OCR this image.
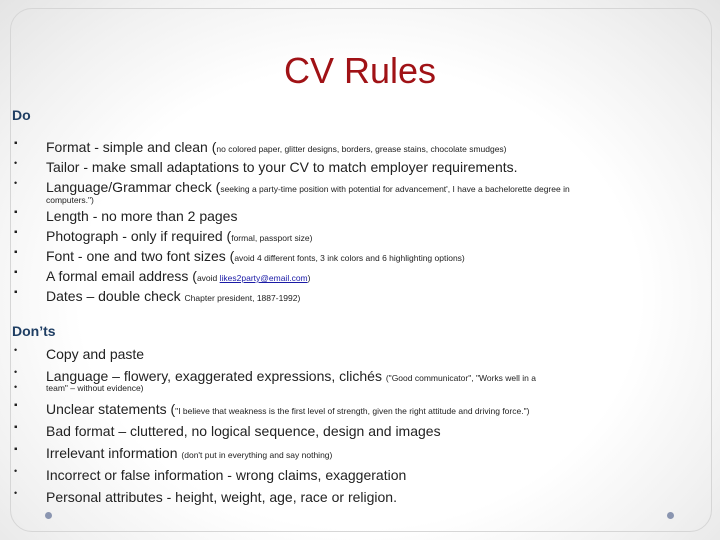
CV Rules
Do
▪ Format - simple and clean (no colored paper, glitter designs, borders, grease stains, chocolate smudges)
• Tailor - make small adaptations to your CV to match employer requirements.
• Language/Grammar check (seeking a party-time position with potential for advancement', I have a bachelorette degree in
computers.")
▪ Length - no more than 2 pages
▪ Photograph - only if required (formal, passport size)
▪ Font - one and two font sizes (avoid 4 different fonts, 3 ink colors and 6 highlighting options)
▪ A formal email address (avoid likes2party@email.com)
▪ Dates – double check Chapter president, 1887-1992)
Don’ts
• Copy and paste
• Language – flowery, exaggerated expressions, clichés ("Good communicator", "Works well in a
•	team" – without evidence)
▪ Unclear statements ("I believe that weakness is the first level of strength, given the right attitude and driving force.")
▪ Bad format – cluttered, no logical sequence, design and images
▪ Irrelevant information (don't put in everything and say nothing)
• Incorrect or false information - wrong claims, exaggeration
• Personal attributes - height, weight, age, race or religion.
